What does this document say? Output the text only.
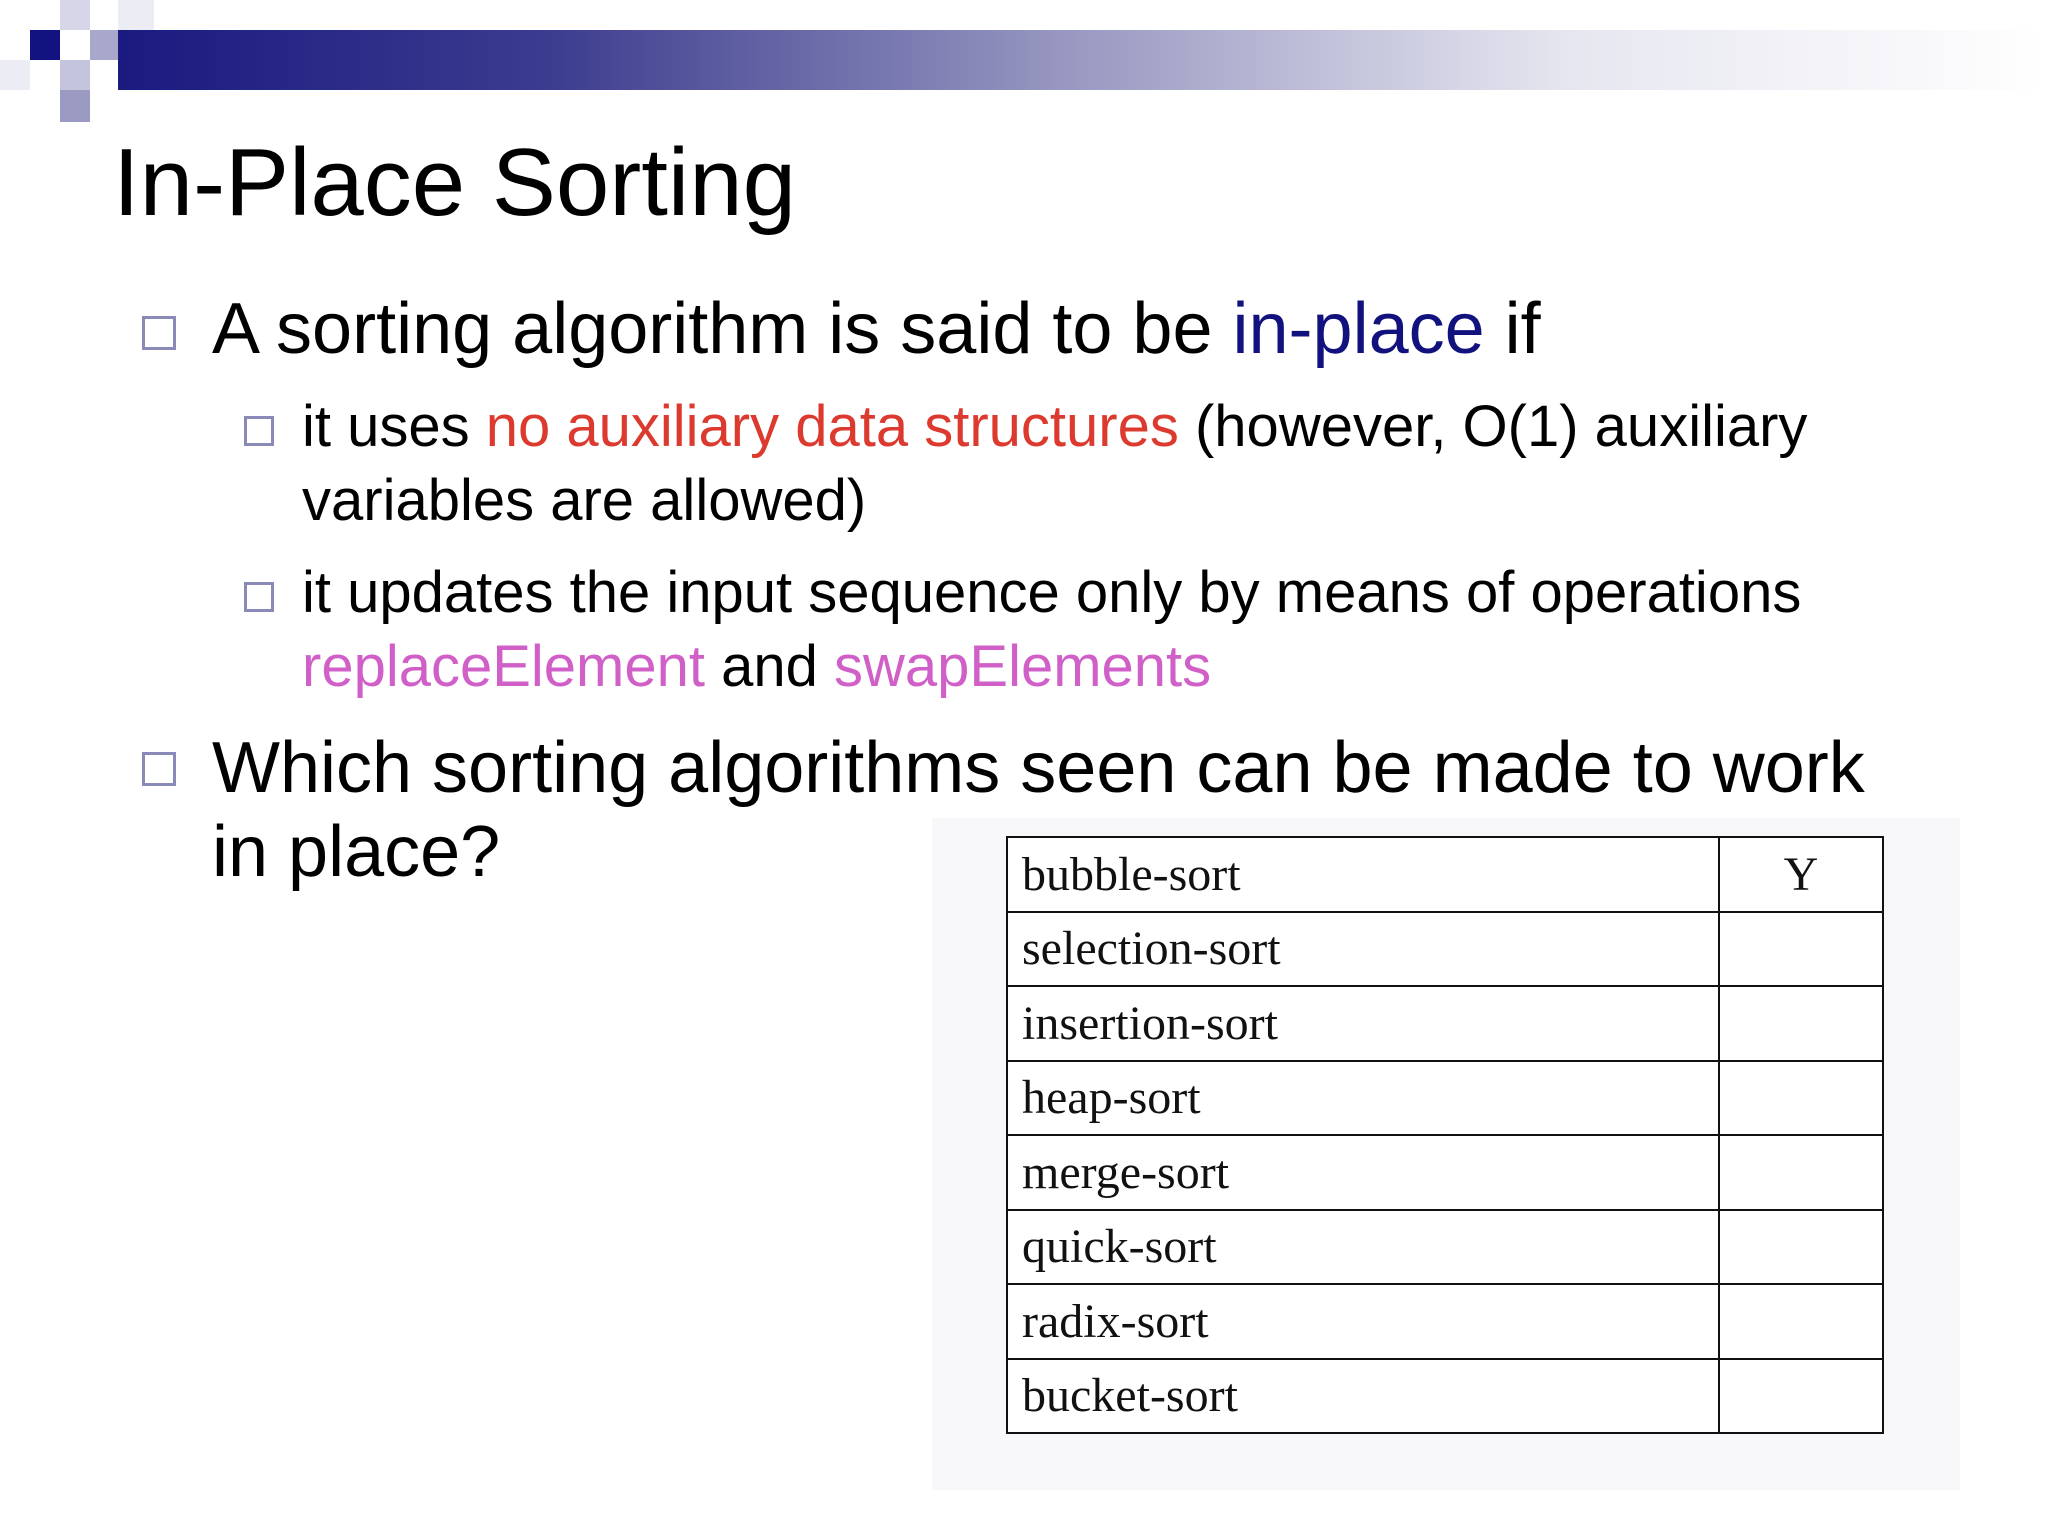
In-Place Sorting

A sorting algorithm is said to be in-place if

it uses no auxiliary data structures (however, O(1) auxiliary variables are allowed)

it updates the input sequence only by means of operations replaceElement and swapElements

Which sorting algorithms seen can be made to work in place?	bubble-sort	Y
selection-sort	
insertion-sort	
heap-sort	
merge-sort	
quick-sort	
radix-sort	
bucket-sort	
